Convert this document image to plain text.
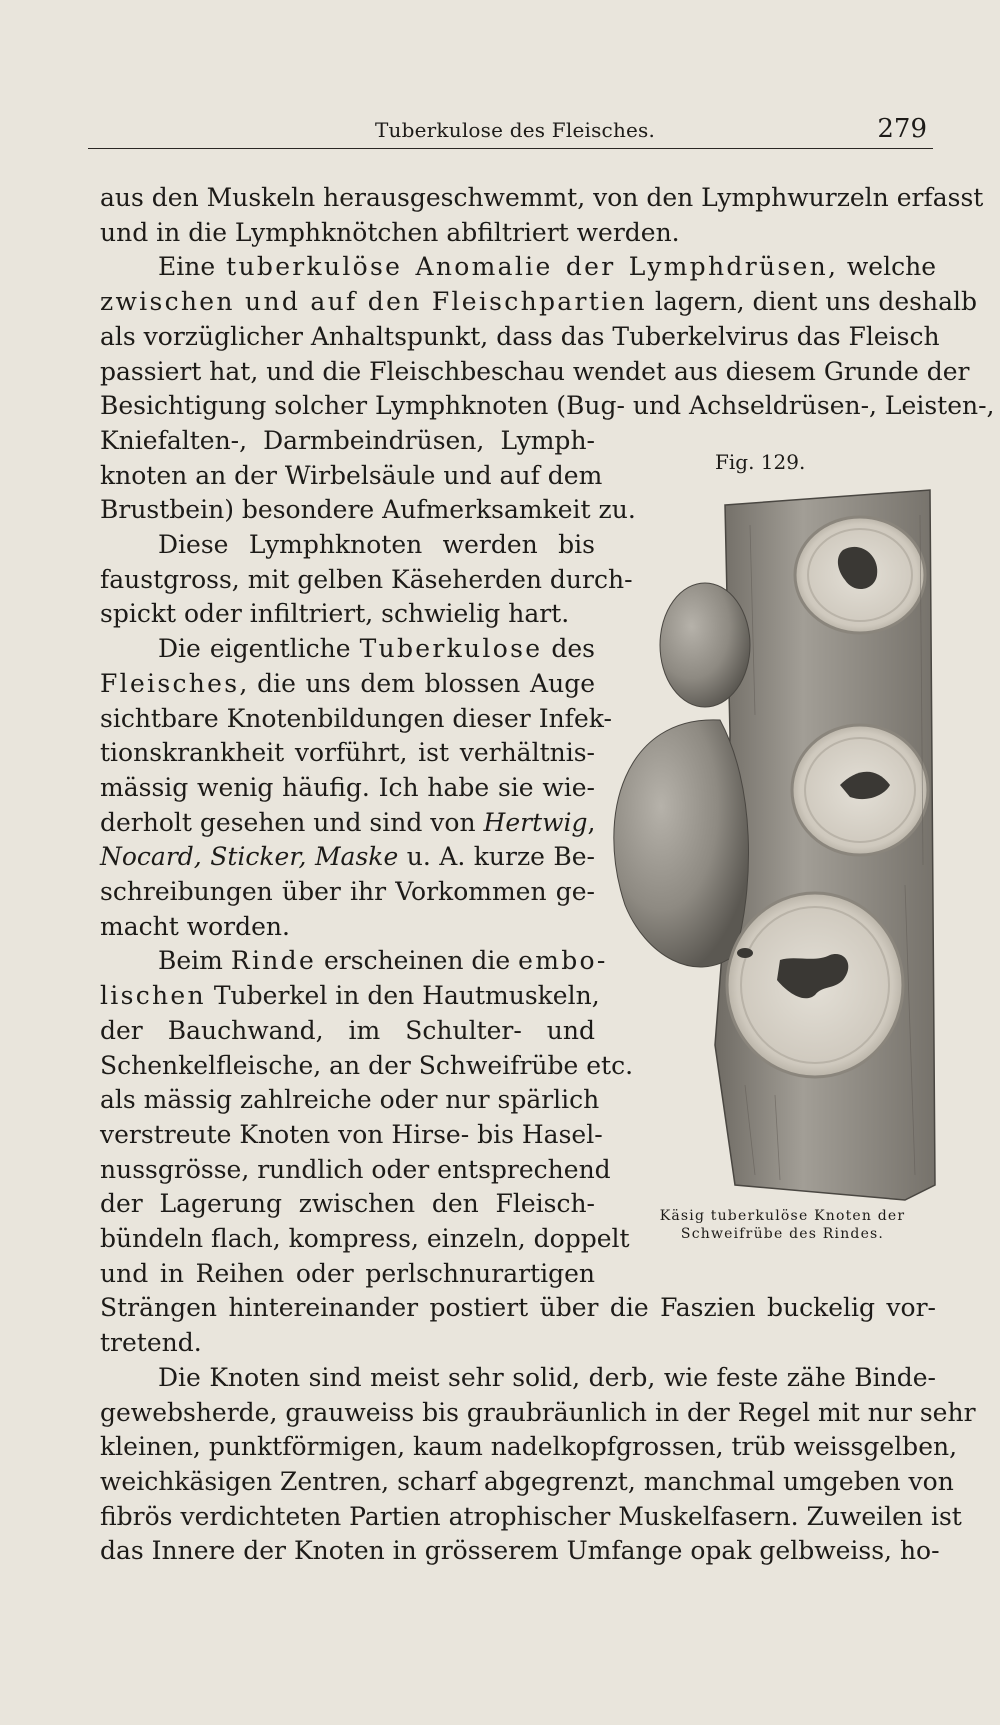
Tuberkulose des Fleisches.	279
aus den Muskeln herausgeschwemmt, von den Lymphwurzeln erfasst
und in die Lymphknötchen abfiltriert werden.
Eine tuberkulöse Anomalie der Lymphdrüsen, welche
zwischen und auf den Fleischpartien lagern, dient uns deshalb
als vorzüglicher Anhaltspunkt, dass das Tuberkelvirus das Fleisch
passiert hat, und die Fleischbeschau wendet aus diesem Grunde der
Besichtigung solcher Lymphknoten (Bug- und Achseldrüsen-, Leisten-,
Kniefalten-, Darmbeindrüsen, Lymph-
knoten an der Wirbelsäule und auf dem
Brustbein) besondere Aufmerksamkeit zu.
Diese Lymphknoten werden bis
faustgross, mit gelben Käseherden durch-
spickt oder infiltriert, schwielig hart.
Die eigentliche Tuberkulose des
Fleisches, die uns dem blossen Auge
sichtbare Knotenbildungen dieser Infek-
tionskrankheit vorführt, ist verhältnis-
mässig wenig häufig. Ich habe sie wie-
derholt gesehen und sind von Hertwig,
Nocard, Sticker, Maske u. A. kurze Be-
schreibungen über ihr Vorkommen ge-
macht worden.
Beim Rinde erscheinen die embo-
lischen Tuberkel in den Hautmuskeln,
der Bauchwand, im Schulter- und
Schenkelfleische, an der Schweifrübe etc.
als mässig zahlreiche oder nur spärlich
verstreute Knoten von Hirse- bis Hasel-
nussgrösse, rundlich oder entsprechend
der Lagerung zwischen den Fleisch-
bündeln flach, kompress, einzeln, doppelt
und in Reihen oder perlschnurartigen
Strängen hintereinander postiert über die Faszien buckelig vor-
tretend.
Die Knoten sind meist sehr solid, derb, wie feste zähe Binde-
gewebsherde, grauweiss bis graubräunlich in der Regel mit nur sehr
kleinen, punktförmigen, kaum nadelkopfgrossen, trüb weissgelben,
weichkäsigen Zentren, scharf abgegrenzt, manchmal umgeben von
fibrös verdichteten Partien atrophischer Muskelfasern. Zuweilen ist
das Innere der Knoten in grösserem Umfange opak gelbweiss, ho-
Fig. 129.
Käsig tuberkulöse Knoten der
Schweifrübe des Rindes.
